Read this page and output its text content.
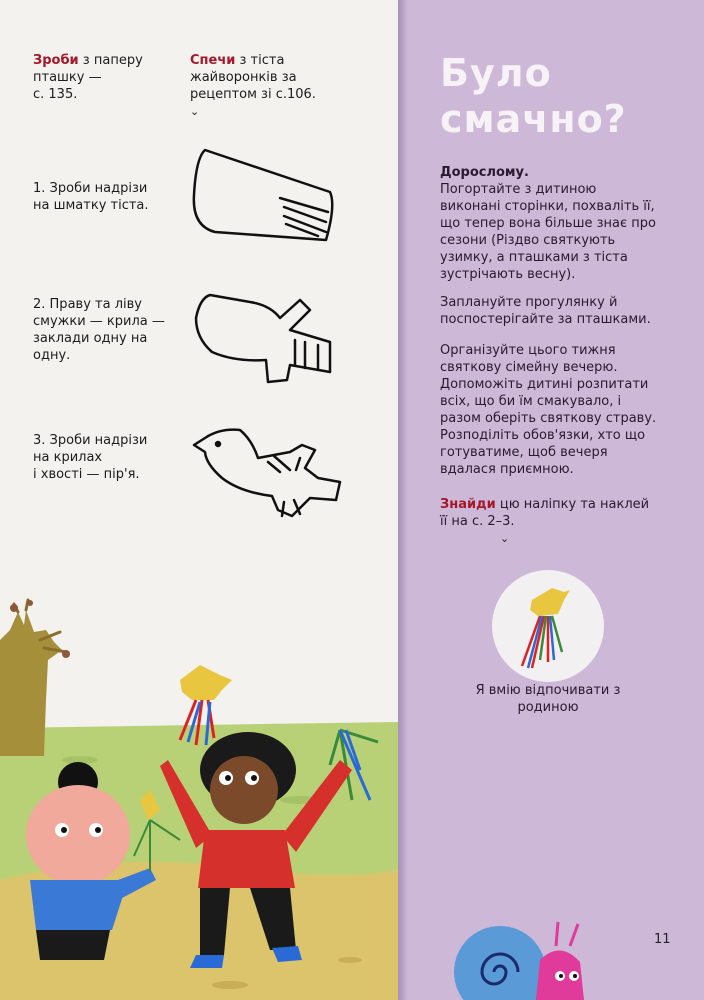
Зроби з паперу
пташку —
с. 135.
Спечи з тіста
жайворонків за
рецептом зі с.106.
⌄
1. Зроби надрізи
на шматку тіста.
2. Праву та ліву
смужки — крила —
заклади одну на
одну.
3. Зроби надрізи
на крилах
і хвості — пір'я.
Було
смачно?
Дорослому.
Погортайте з дитиною виконані сторінки, похваліть її, що тепер вона більше знає про сезони (Різдво святкують узимку, а пташками з тіста зустрічають весну).
Заплануйте прогулянку й поспостерігайте за пташками.
Організуйте цього тижня святкову сімейну вечерю. Допоможіть дитині розпитати всіх, що би їм смакувало, і разом оберіть святкову страву. Розподіліть обов'язки, хто що готуватиме, щоб вечеря вдалася приємною.
Знайди цю наліпку та наклей її на с. 2–3.
⌄
Я вмію відпочивати з родиною
11
